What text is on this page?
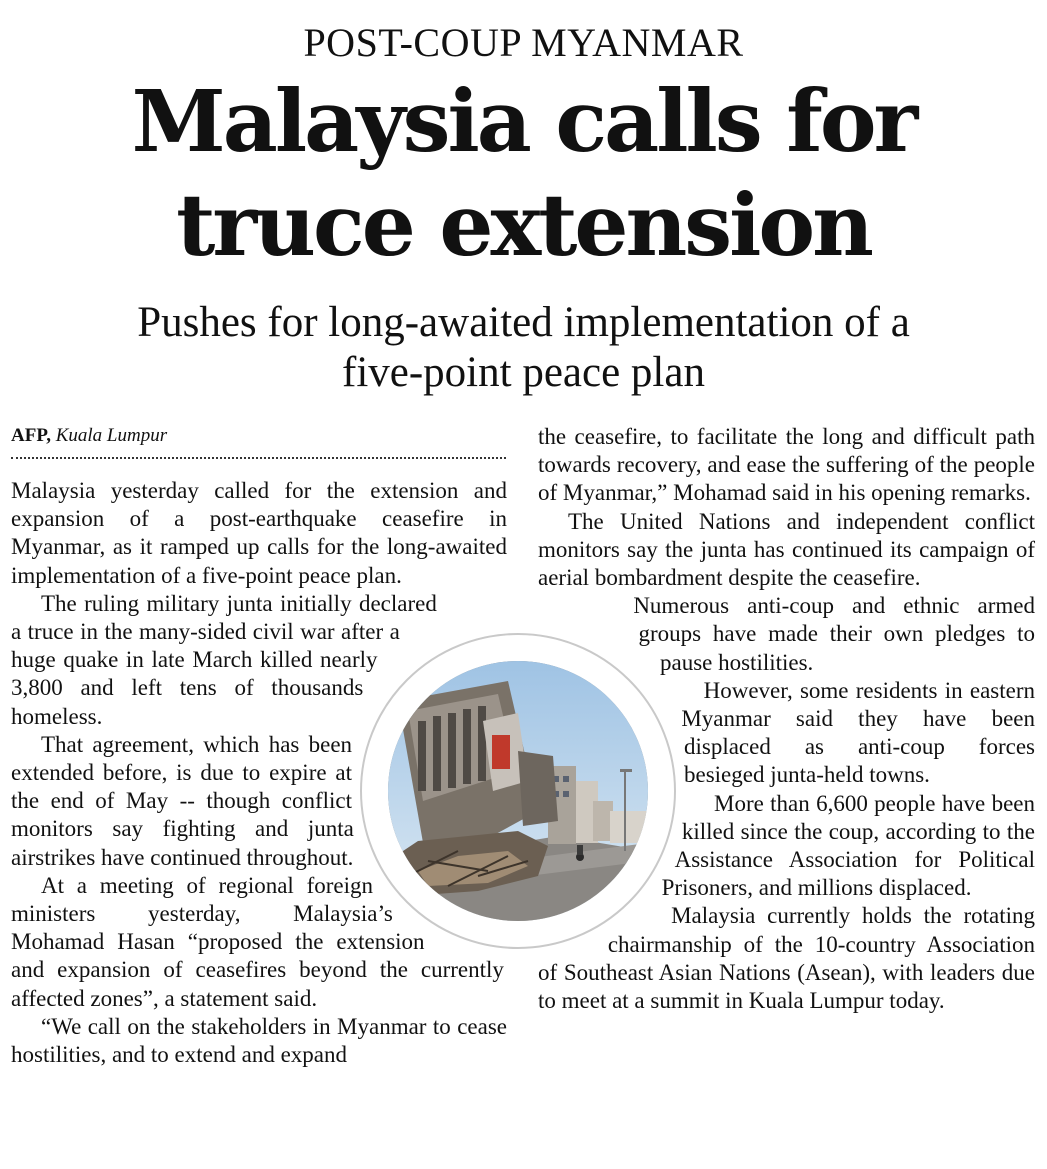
POST-COUP MYANMAR
Malaysia calls for
truce extension
Pushes for long-awaited implementation of a
five-point peace plan
AFP, Kuala Lumpur

Malaysia yesterday called for the extension and expansion of a post-earthquake ceasefire in Myanmar, as it ramped up calls for the long-awaited implementation of a five-point peace plan.

The ruling military junta initially declared a truce in the many-sided civil war after a huge quake in late March killed nearly 3,800 and left tens of thousands homeless.

That agreement, which has been extended before, is due to expire at the end of May -- though conflict monitors say fighting and junta airstrikes have continued throughout.

At a meeting of regional foreign ministers yesterday, Malaysia’s Mohamad Hasan “proposed the extension and expansion of ceasefires beyond the currently affected zones”, a statement said.

“We call on the stakeholders in Myanmar to cease hostilities, and to extend and expand

the ceasefire, to facilitate the long and difficult path towards recovery, and ease the suffering of the people of Myanmar,” Mohamad said in his opening remarks.

The United Nations and independent conflict monitors say the junta has continued its campaign of aerial bombardment despite the ceasefire.

Numerous anti-coup and ethnic armed groups have made their own pledges to pause hostilities.

However, some residents in eastern Myanmar said they have been displaced as anti-coup forces besieged junta-held towns.

More than 6,600 people have been killed since the coup, according to the Assistance Association for Political Prisoners, and millions displaced.

Malaysia currently holds the rotating chairmanship of the 10-country Association of Southeast Asian Nations (Asean), with leaders due to meet at a summit in Kuala Lumpur today.
